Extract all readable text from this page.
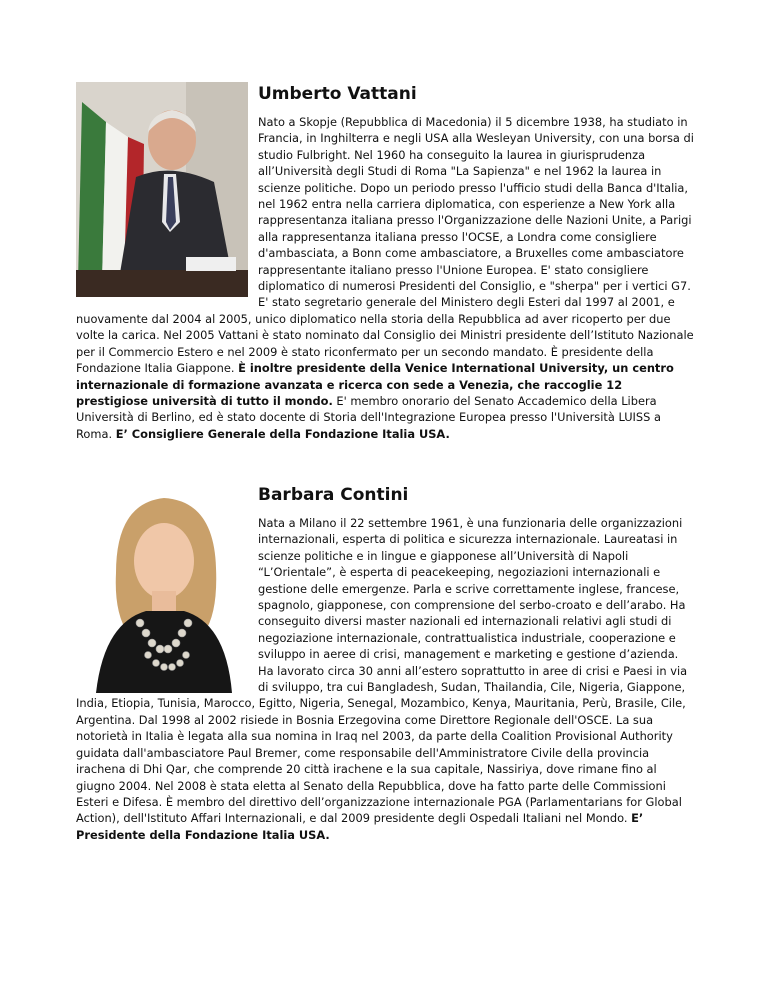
Umberto Vattani

Nato a Skopje (Repubblica di Macedonia) il 5 dicembre 1938, ha studiato in Francia, in Inghilterra e negli USA alla Wesleyan University, con una borsa di studio Fulbright. Nel 1960 ha conseguito la laurea in giurisprudenza all’Università degli Studi di Roma "La Sapienza" e nel 1962 la laurea in scienze politiche. Dopo un periodo presso l'ufficio studi della Banca d'Italia, nel 1962 entra nella carriera diplomatica, con esperienze a New York alla rappresentanza italiana presso l'Organizzazione delle Nazioni Unite, a Parigi alla rappresentanza italiana presso l'OCSE, a Londra come consigliere d'ambasciata, a Bonn come ambasciatore, a Bruxelles come ambasciatore rappresentante italiano presso l'Unione Europea. E' stato consigliere diplomatico di numerosi Presidenti del Consiglio, e "sherpa" per i vertici G7. E' stato segretario generale del Ministero degli Esteri dal 1997 al 2001, e nuovamente dal 2004 al 2005, unico diplomatico nella storia della Repubblica ad aver ricoperto per due volte la carica. Nel 2005 Vattani è stato nominato dal Consiglio dei Ministri presidente dell’Istituto Nazionale per il Commercio Estero e nel 2009 è stato riconfermato per un secondo mandato. È presidente della Fondazione Italia Giappone. È inoltre presidente della Venice International University, un centro internazionale di formazione avanzata e ricerca con sede a Venezia, che raccoglie 12 prestigiose università di tutto il mondo. E' membro onorario del Senato Accademico della Libera Università di Berlino, ed è stato docente di Storia dell'Integrazione Europea presso l'Università LUISS a Roma. E’ Consigliere Generale della Fondazione Italia USA.

Barbara Contini

Nata a Milano il 22 settembre 1961, è una funzionaria delle organizzazioni internazionali, esperta di politica e sicurezza internazionale. Laureatasi in scienze politiche e in lingue e giapponese all’Università di Napoli “L’Orientale”, è esperta di peacekeeping, negoziazioni internazionali e gestione delle emergenze. Parla e scrive correttamente inglese, francese, spagnolo, giapponese, con comprensione del serbo-croato e dell’arabo. Ha conseguito diversi master nazionali ed internazionali relativi agli studi di negoziazione internazionale, contrattualistica industriale, cooperazione e sviluppo in aeree di crisi, management e marketing e gestione d’azienda. Ha lavorato circa 30 anni all’estero soprattutto in aree di crisi e Paesi in via di sviluppo, tra cui Bangladesh, Sudan, Thailandia, Cile, Nigeria, Giappone, India, Etiopia, Tunisia, Marocco, Egitto, Nigeria, Senegal, Mozambico, Kenya, Mauritania, Perù, Brasile, Cile, Argentina. Dal 1998 al 2002 risiede in Bosnia Erzegovina come Direttore Regionale dell'OSCE. La sua notorietà in Italia è legata alla sua nomina in Iraq nel 2003, da parte della Coalition Provisional Authority guidata dall'ambasciatore Paul Bremer, come responsabile dell'Amministratore Civile della provincia irachena di Dhi Qar, che comprende 20 città irachene e la sua capitale, Nassiriya, dove rimane fino al giugno 2004. Nel 2008 è stata eletta al Senato della Repubblica, dove ha fatto parte delle Commissioni Esteri e Difesa. È membro del direttivo dell’organizzazione internazionale PGA (Parlamentarians for Global Action), dell'Istituto Affari Internazionali, e dal 2009 presidente degli Ospedali Italiani nel Mondo. E’ Presidente della Fondazione Italia USA.
